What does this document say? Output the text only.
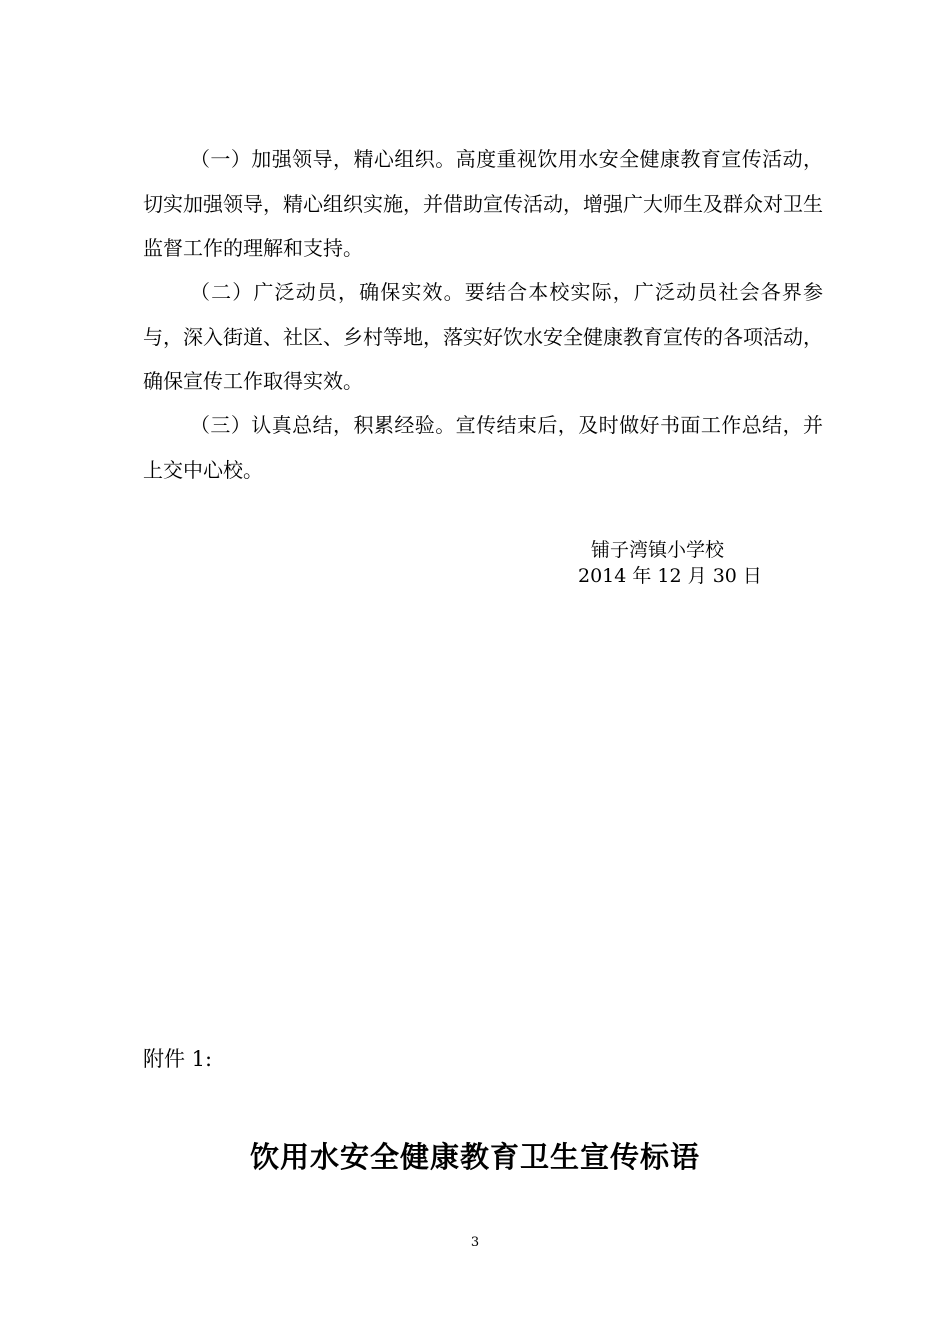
（一）加强领导，精心组织。高度重视饮用水安全健康教育宣传活动，切实加强领导，精心组织实施，并借助宣传活动，增强广大师生及群众对卫生监督工作的理解和支持。

（二）广泛动员，确保实效。要结合本校实际，广泛动员社会各界参与，深入街道、社区、乡村等地，落实好饮水安全健康教育宣传的各项活动，确保宣传工作取得实效。

（三）认真总结，积累经验。宣传结束后，及时做好书面工作总结，并上交中心校。

铺子湾镇小学校
2014 年 12 月 30 日
附件 1:
饮用水安全健康教育卫生宣传标语
3
